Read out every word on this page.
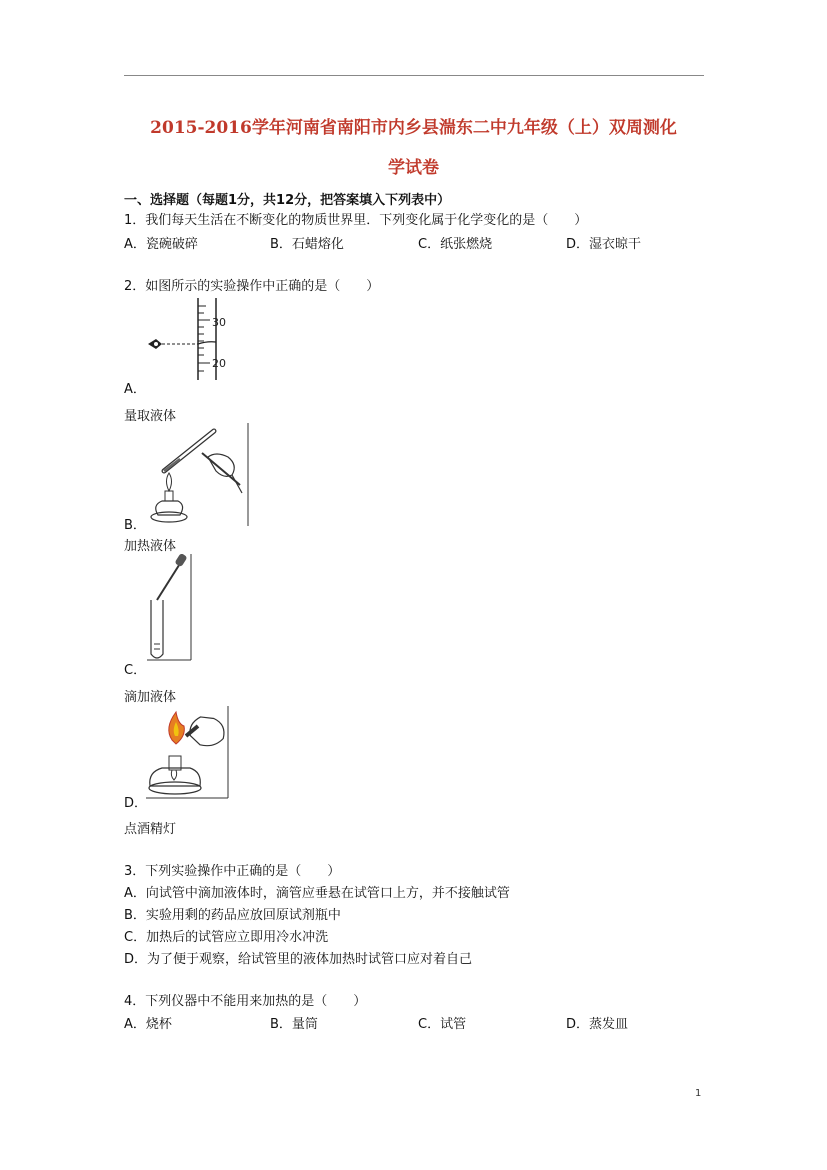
2015-2016学年河南省南阳市内乡县湍东二中九年级（上）双周测化
学试卷
一、选择题（每题1分，共12分，把答案填入下列表中）
1．我们每天生活在不断变化的物质世界里．下列变化属于化学变化的是（　　）
A．瓷碗破碎	B．石蜡熔化	C．纸张燃烧	D．湿衣晾干
2．如图所示的实验操作中正确的是（　　）
30
20
A．
量取液体
B．
加热液体
C．
滴加液体
D．
点酒精灯
3．下列实验操作中正确的是（　　）
A．向试管中滴加液体时，滴管应垂悬在试管口上方，并不接触试管
B．实验用剩的药品应放回原试剂瓶中
C．加热后的试管应立即用冷水冲洗
D．为了便于观察，给试管里的液体加热时试管口应对着自己
4．下列仪器中不能用来加热的是（　　）
A．烧杯	B．量筒	C．试管	D．蒸发皿
1
